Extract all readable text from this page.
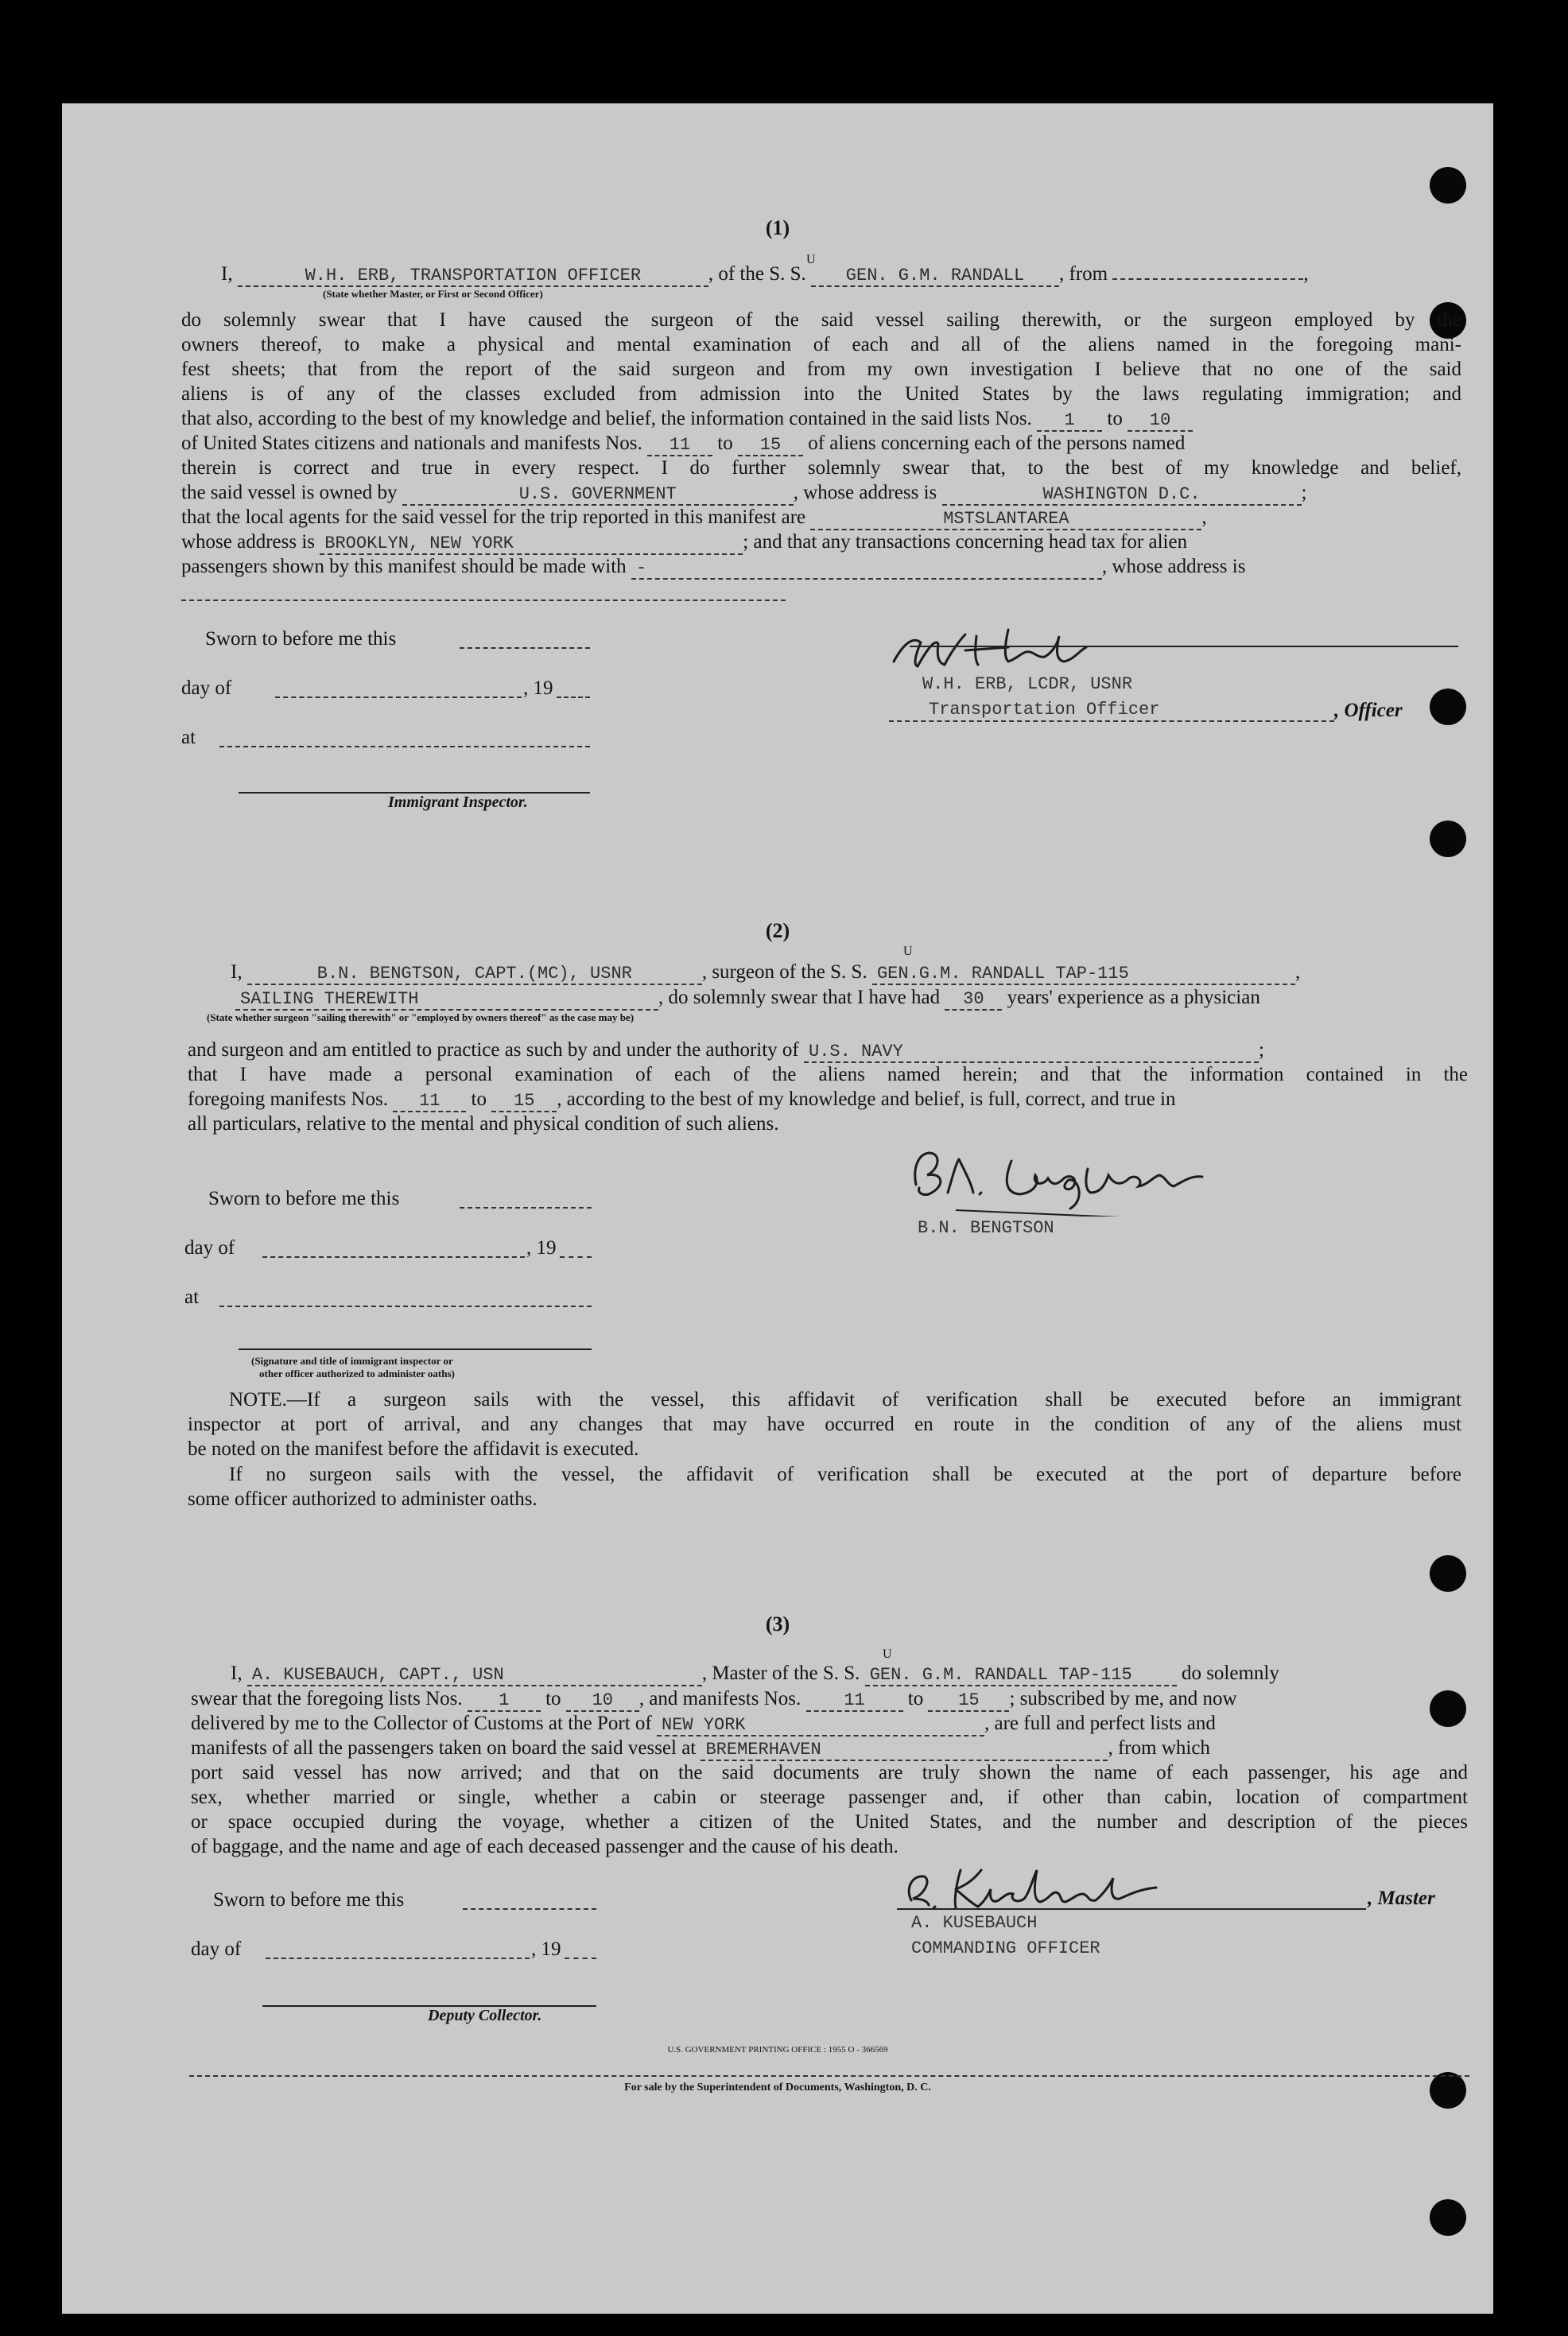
(1)
U
I,	W.H. ERB, TRANSPORTATION OFFICER	, of the S. S. GEN. G.M. RANDALL , from	,
(State whether Master, or First or Second Officer)
do solemnly swear that I have caused the surgeon of the said vessel sailing therewith, or the surgeon employed by the
owners thereof, to make a physical and mental examination of each and all of the aliens named in the foregoing mani-
fest sheets; that from the report of the said surgeon and from my own investigation I believe that no one of the said
aliens is of any of the classes excluded from admission into the United States by the laws regulating immigration; and
that also, according to the best of my knowledge and belief, the information contained in the said lists Nos. 1 to 10
of United States citizens and nationals and manifests Nos. 11 to 15 of aliens concerning each of the persons named
therein is correct and true in every respect. I do further solemnly swear that, to the best of my knowledge and belief,
the said vessel is owned by	U.S. GOVERNMENT	, whose address is	WASHINGTON D.C.	;
that the local agents for the said vessel for the trip reported in this manifest are	MSTSLANTAREA	,
whose address is BROOKLYN, NEW YORK	; and that any transactions concerning head tax for alien
passengers shown by this manifest should be made with -	, whose address is
Sworn to before me this
day of	, 19
at
Immigrant Inspector.
W.H. ERB, LCDR, USNR
Transportation Officer	, Officer
(2)
U
I,	B.N. BENGTSON, CAPT.(MC), USNR	, surgeon of the S. S. GEN.G.M. RANDALL TAP-115	,
SAILING THEREWITH	, do solemnly swear that I have had 30 years' experience as a physician
(State whether surgeon "sailing therewith" or "employed by owners thereof" as the case may be)
and surgeon and am entitled to practice as such by and under the authority of U.S. NAVY	;
that I have made a personal examination of each of the aliens named herein; and that the information contained in the
foregoing manifests Nos. 11 to 15 , according to the best of my knowledge and belief, is full, correct, and true in
all particulars, relative to the mental and physical condition of such aliens.
Sworn to before me this
day of	, 19
at
(Signature and title of immigrant inspector or
other officer authorized to administer oaths)
B.N. BENGTSON
NOTE.—If a surgeon sails with the vessel, this affidavit of verification shall be executed before an immigrant
inspector at port of arrival, and any changes that may have occurred en route in the condition of any of the aliens must
be noted on the manifest before the affidavit is executed.
If no surgeon sails with the vessel, the affidavit of verification shall be executed at the port of departure before
some officer authorized to administer oaths.
(3)
U
I, A. KUSEBAUCH, CAPT., USN	, Master of the S. S. GEN. G.M. RANDALL TAP-115 do solemnly
swear that the foregoing lists Nos. 1 to 10 , and manifests Nos. 11 to 15 ; subscribed by me, and now
delivered by me to the Collector of Customs at the Port of NEW YORK	, are full and perfect lists and
manifests of all the passengers taken on board the said vessel at BREMERHAVEN	, from which
port said vessel has now arrived; and that on the said documents are truly shown the name of each passenger, his age and
sex, whether married or single, whether a cabin or steerage passenger and, if other than cabin, location of compartment
or space occupied during the voyage, whether a citizen of the United States, and the number and description of the pieces
of baggage, and the name and age of each deceased passenger and the cause of his death.
Sworn to before me this
day of	, 19
Deputy Collector.
, Master
A. KUSEBAUCH
COMMANDING OFFICER
U.S. GOVERNMENT PRINTING OFFICE : 1955 O - 366569
For sale by the Superintendent of Documents, Washington, D. C.
